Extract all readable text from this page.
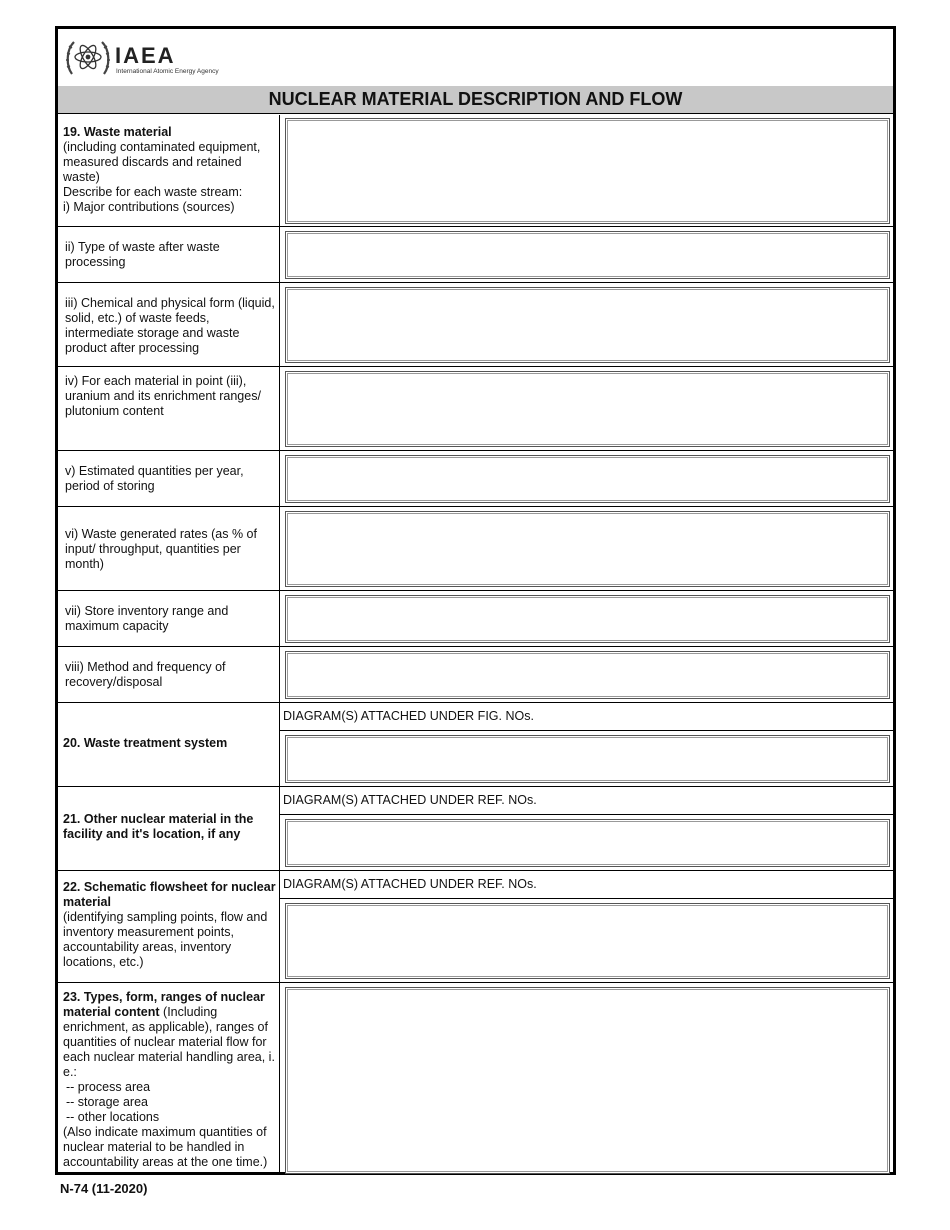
IAEA
International Atomic Energy Agency
NUCLEAR MATERIAL DESCRIPTION AND FLOW
19. Waste material
(including contaminated equipment, measured discards and retained waste)
Describe for each waste stream:
i) Major contributions (sources)
ii) Type of waste after waste processing
iii) Chemical and physical form (liquid, solid, etc.) of waste feeds, intermediate storage and waste product after processing
iv) For each material in point (iii), uranium and its enrichment ranges/ plutonium content
v) Estimated quantities per year, period of storing
vi) Waste generated rates (as % of input/ throughput, quantities per month)
vii) Store inventory range and maximum capacity
viii) Method and frequency of recovery/disposal
20. Waste treatment system
DIAGRAM(S) ATTACHED UNDER FIG. NOs.
21. Other nuclear material in the facility and it's location, if any
DIAGRAM(S) ATTACHED UNDER REF. NOs.
22. Schematic flowsheet for nuclear material
(identifying sampling points, flow and inventory measurement points, accountability areas, inventory locations, etc.)
DIAGRAM(S) ATTACHED UNDER REF. NOs.
23. Types, form, ranges of nuclear material content (Including enrichment, as applicable), ranges of quantities of nuclear material flow for each nuclear material handling area, i. e.:
-- process area
-- storage area
-- other locations
(Also indicate maximum quantities of nuclear material to be handled in accountability areas at the one time.)
N-74 (11-2020)
